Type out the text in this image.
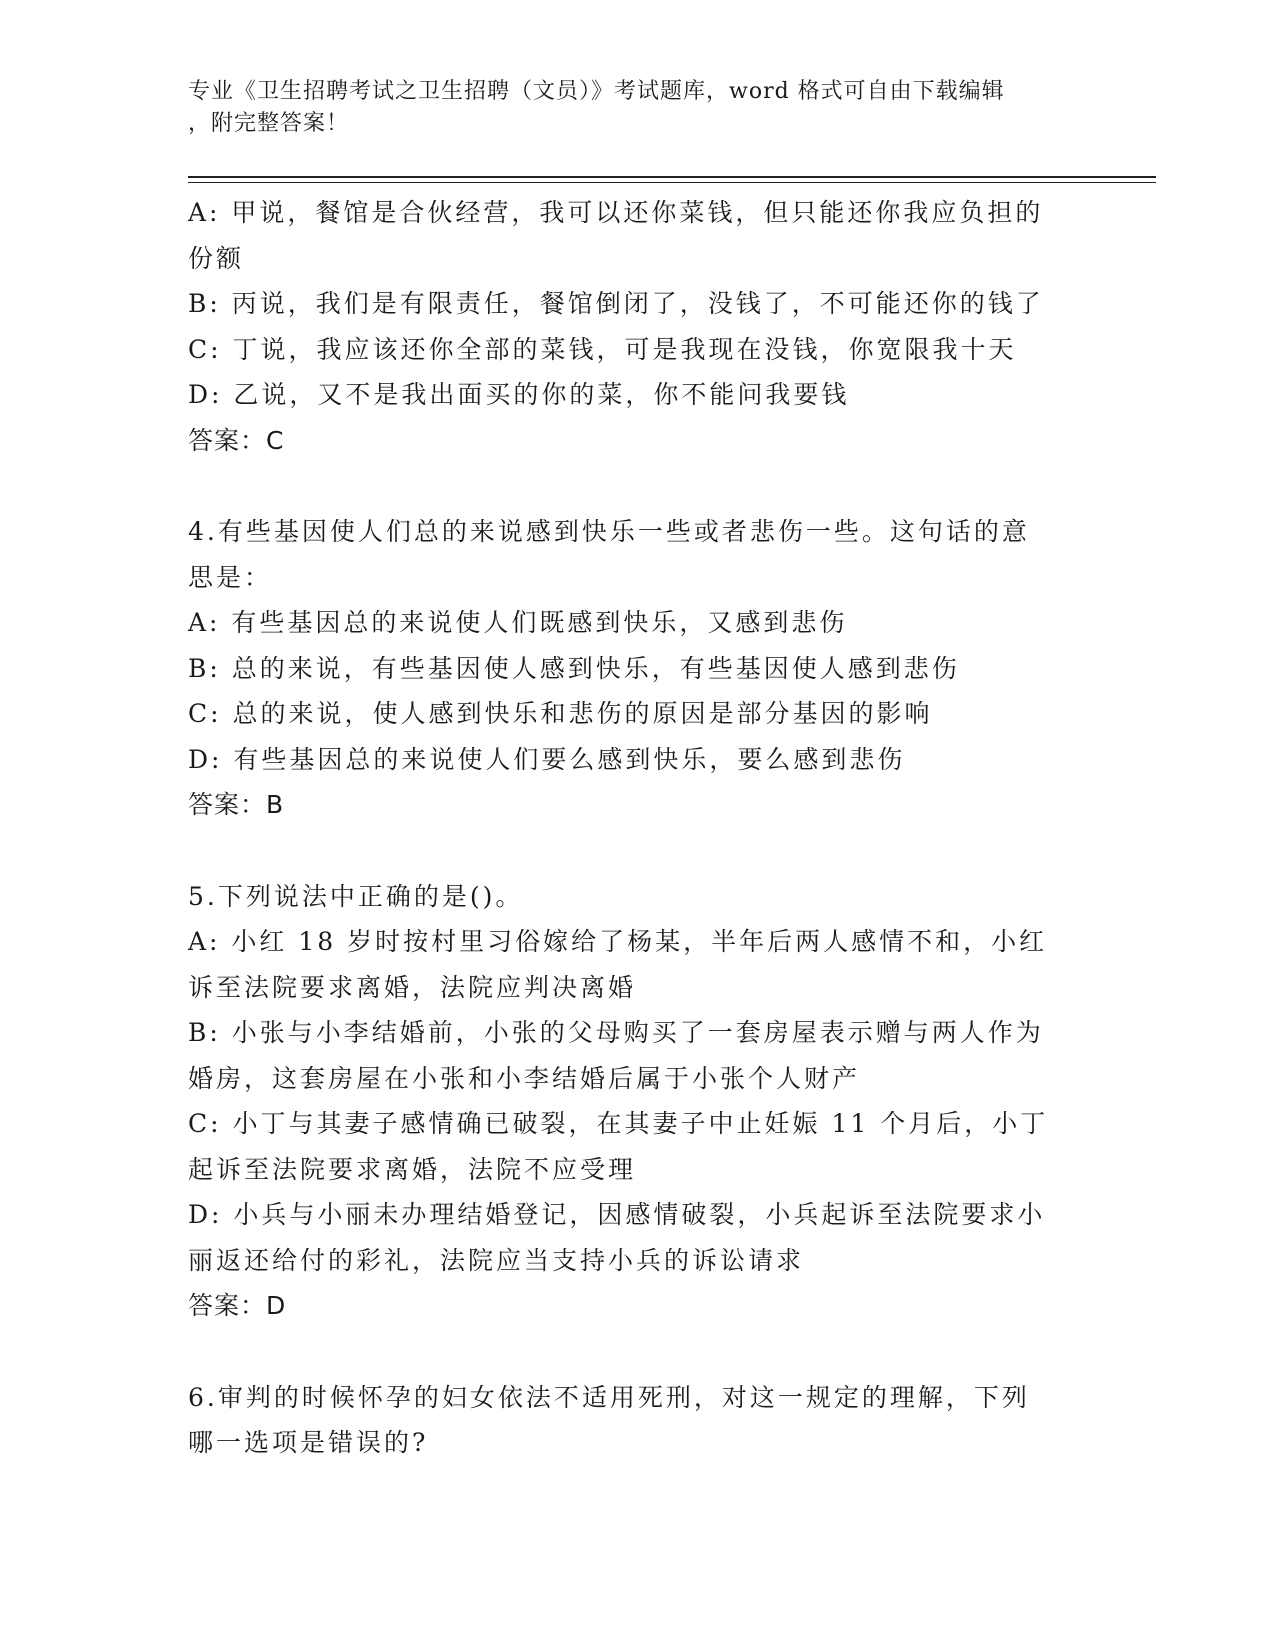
专业《卫生招聘考试之卫生招聘（文员）》考试题库，word 格式可自由下载编辑
，附完整答案！
A: 甲说，餐馆是合伙经营，我可以还你菜钱，但只能还你我应负担的
份额
B: 丙说，我们是有限责任，餐馆倒闭了，没钱了，不可能还你的钱了
C: 丁说，我应该还你全部的菜钱，可是我现在没钱，你宽限我十天
D: 乙说，又不是我出面买的你的菜，你不能问我要钱
答案：C
4.有些基因使人们总的来说感到快乐一些或者悲伤一些。这句话的意
思是：
A: 有些基因总的来说使人们既感到快乐，又感到悲伤
B: 总的来说，有些基因使人感到快乐，有些基因使人感到悲伤
C: 总的来说，使人感到快乐和悲伤的原因是部分基因的影响
D: 有些基因总的来说使人们要么感到快乐，要么感到悲伤
答案：B
5.下列说法中正确的是()。
A: 小红 18 岁时按村里习俗嫁给了杨某，半年后两人感情不和，小红
诉至法院要求离婚，法院应判决离婚
B: 小张与小李结婚前，小张的父母购买了一套房屋表示赠与两人作为
婚房，这套房屋在小张和小李结婚后属于小张个人财产
C: 小丁与其妻子感情确已破裂，在其妻子中止妊娠 11 个月后，小丁
起诉至法院要求离婚，法院不应受理
D: 小兵与小丽未办理结婚登记，因感情破裂，小兵起诉至法院要求小
丽返还给付的彩礼，法院应当支持小兵的诉讼请求
答案：D
6.审判的时候怀孕的妇女依法不适用死刑，对这一规定的理解，下列
哪一选项是错误的?
